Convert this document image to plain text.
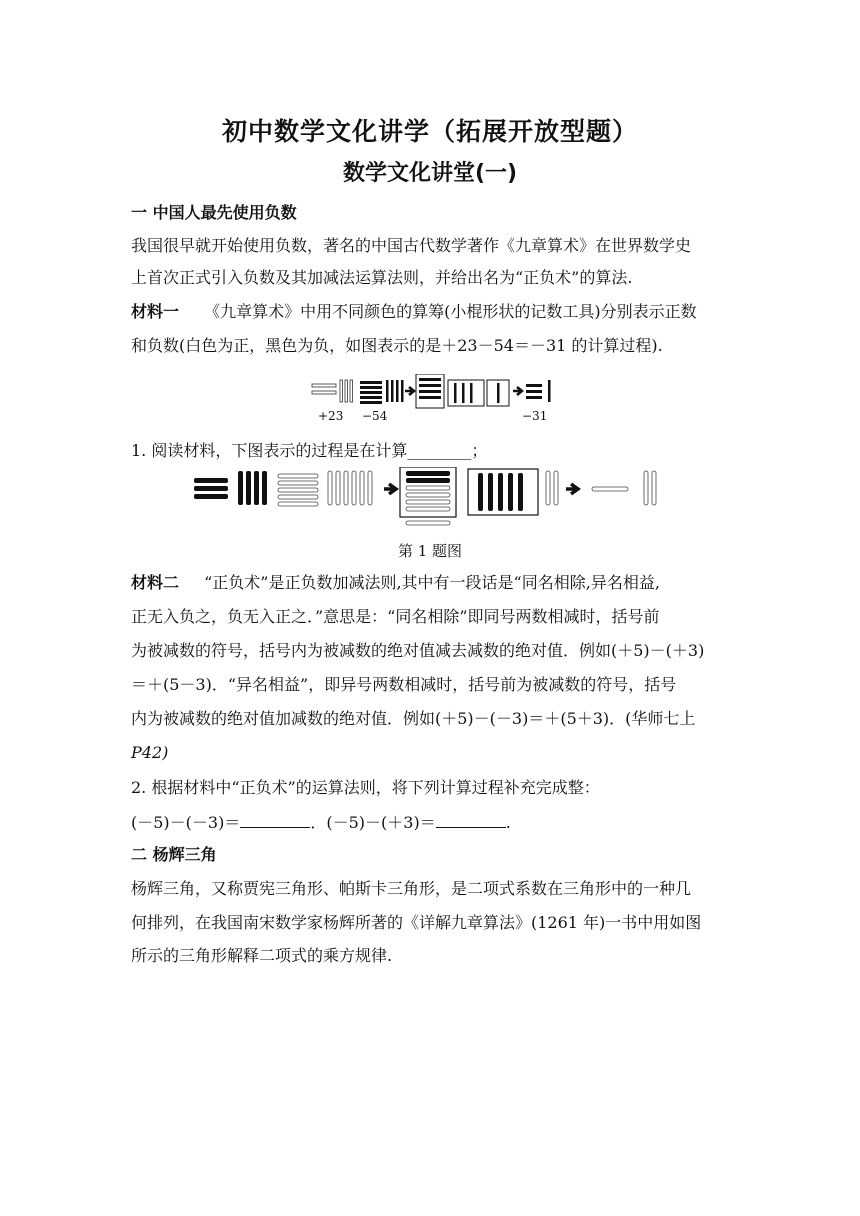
初中数学文化讲学（拓展开放型题）
数学文化讲堂(一)
一 中国人最先使用负数
我国很早就开始使用负数，著名的中国古代数学著作《九章算术》在世界数学史
上首次正式引入负数及其加减法运算法则，并给出名为“正负术”的算法.
材料一 《九章算术》中用不同颜色的算筹(小棍形状的记数工具)分别表示正数
和负数(白色为正，黑色为负，如图表示的是＋23－54＝－31 的计算过程).
+23 −54	−31
1. 阅读材料，下图表示的过程是在计算________；
第 1 题图
材料二 “正负术”是正负数加减法则,其中有一段话是“同名相除,异名相益,
正无入负之，负无入正之．”意思是：“同名相除”即同号两数相减时，括号前
为被减数的符号，括号内为被减数的绝对值减去减数的绝对值．例如(＋5)－(＋3)
＝＋(5－3)．“异名相益”，即异号两数相减时，括号前为被减数的符号，括号
内为被减数的绝对值加减数的绝对值．例如(＋5)－(－3)＝＋(5＋3)．(华师七上
P42)
2. 根据材料中“正负术”的运算法则，将下列计算过程补充完成整：
(－5)－(－3)＝	．(－5)－(＋3)＝	.
二 杨辉三角
杨辉三角，又称贾宪三角形、帕斯卡三角形，是二项式系数在三角形中的一种几
何排列，在我国南宋数学家杨辉所著的《详解九章算法》(1261 年)一书中用如图
所示的三角形解释二项式的乘方规律.
